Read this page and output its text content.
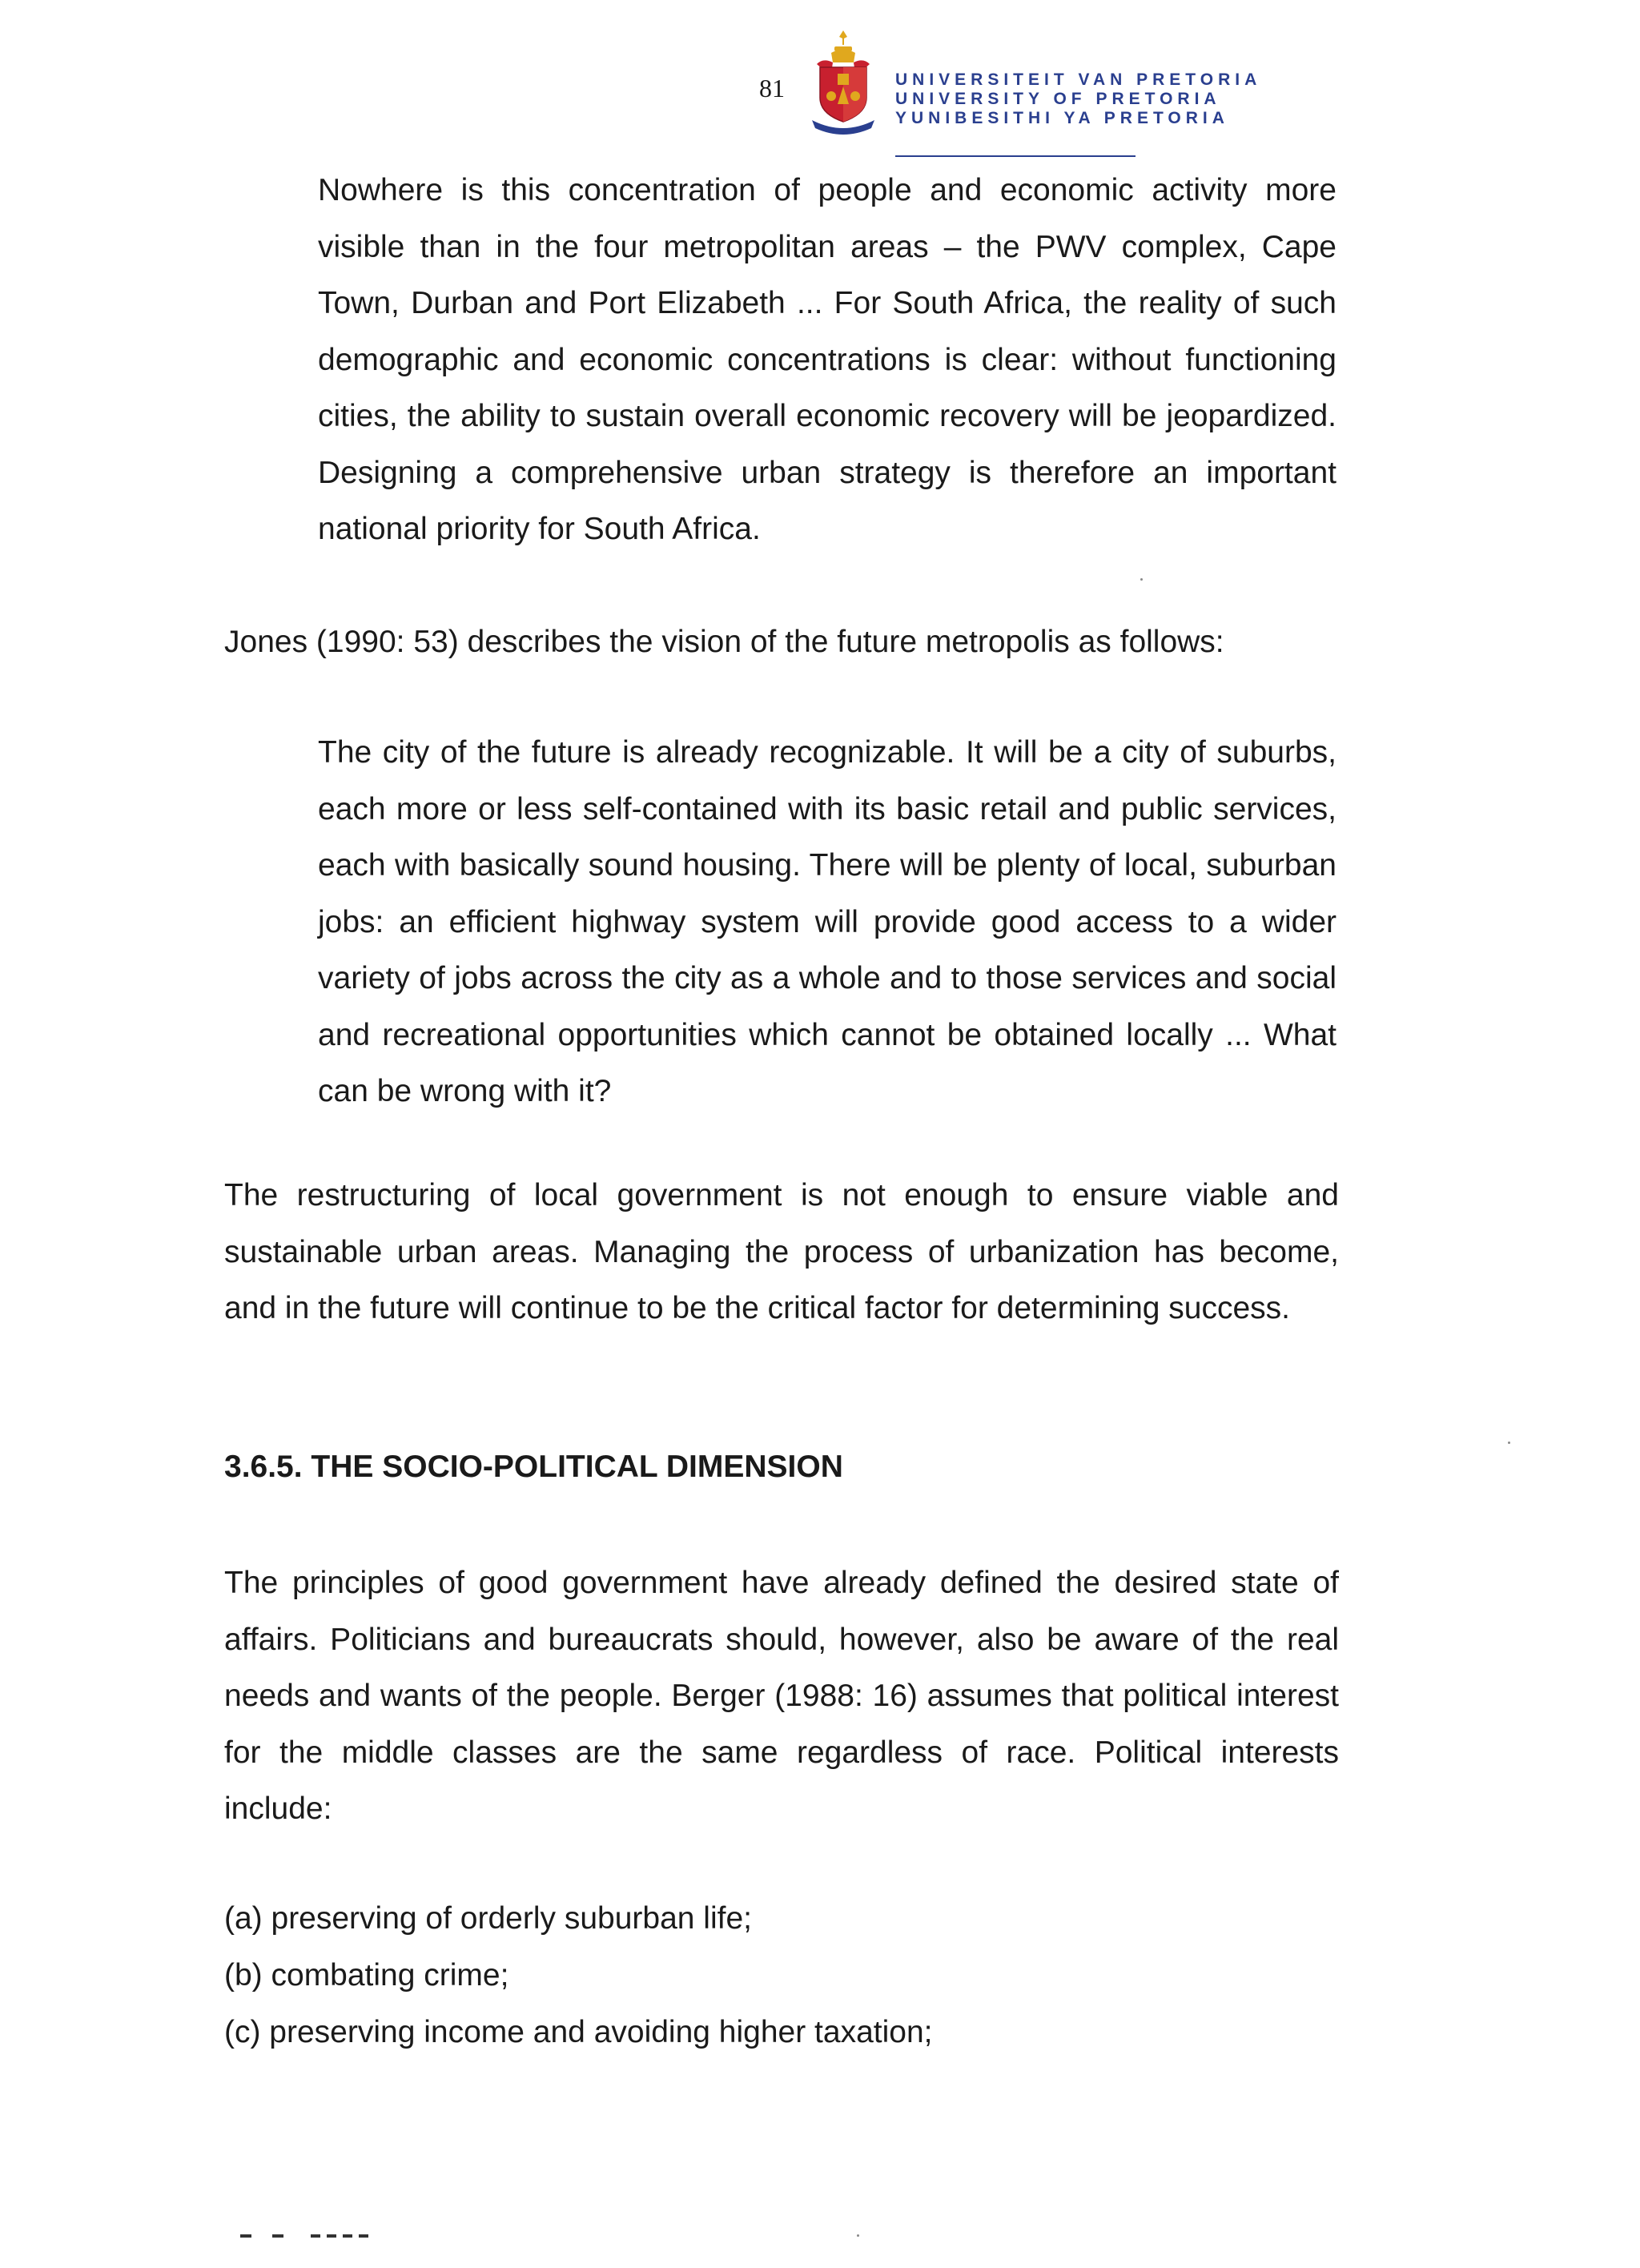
81	UNIVERSITEIT VAN PRETORIA
UNIVERSITY OF PRETORIA
YUNIBESITHI YA PRETORIA

Nowhere is this concentration of people and economic activity more visible than in the four metropolitan areas – the PWV complex, Cape Town, Durban and Port Elizabeth ... For South Africa, the reality of such demographic and economic concentrations is clear: without functioning cities, the ability to sustain overall economic recovery will be jeopardized. Designing a comprehensive urban strategy is therefore an important national priority for South Africa.

Jones (1990: 53) describes the vision of the future metropolis as follows:

The city of the future is already recognizable. It will be a city of suburbs, each more or less self-contained with its basic retail and public services, each with basically sound housing. There will be plenty of local, suburban jobs: an efficient highway system will provide good access to a wider variety of jobs across the city as a whole and to those services and social and recreational opportunities which cannot be obtained locally ... What can be wrong with it?

The restructuring of local government is not enough to ensure viable and sustainable urban areas. Managing the process of urbanization has become, and in the future will continue to be the critical factor for determining success.

3.6.5. THE SOCIO-POLITICAL DIMENSION

The principles of good government have already defined the desired state of affairs. Politicians and bureaucrats should, however, also be aware of the real needs and wants of the people. Berger (1988: 16) assumes that political interest for the middle classes are the same regardless of race. Political interests include:

(a) preserving of orderly suburban life;
(b) combating crime;
(c) preserving income and avoiding higher taxation;
